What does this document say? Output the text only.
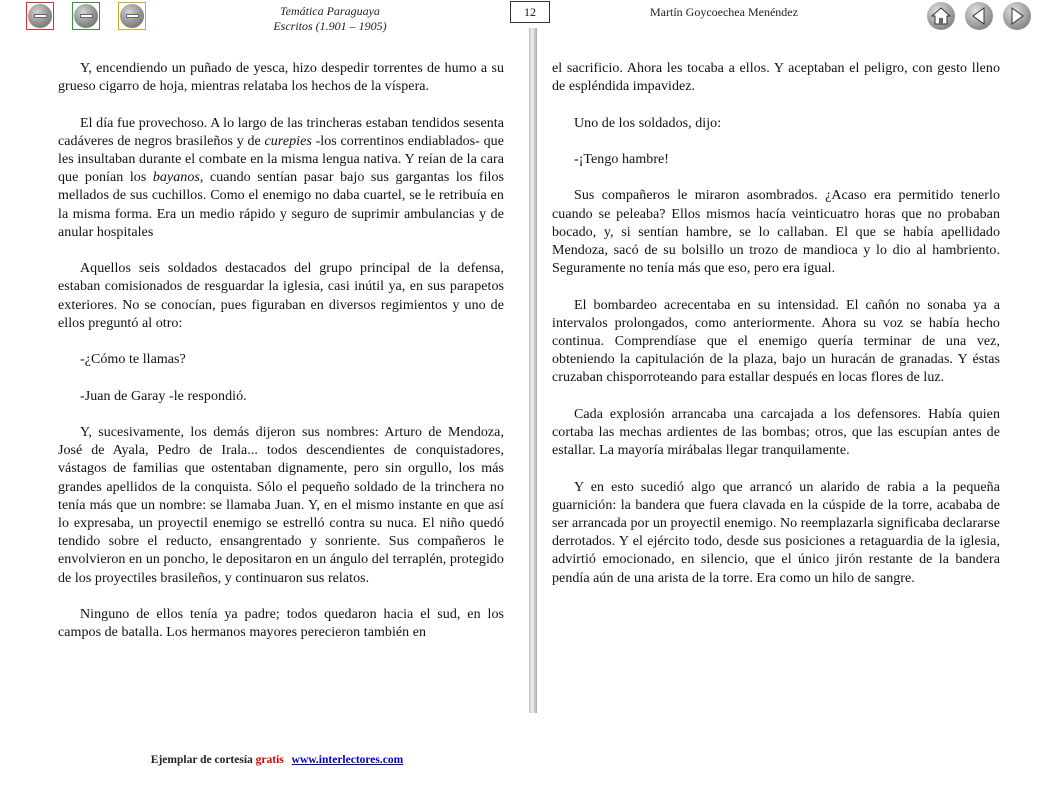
Temática Paraguaya
Escritos (1.901 – 1905)
12	Martín Goycoechea Menéndez

Y, encendiendo un puñado de yesca, hizo despedir torrentes de humo a su grueso cigarro de hoja, mientras relataba los hechos de la víspera.

El día fue provechoso. A lo largo de las trincheras estaban tendidos sesenta cadáveres de negros brasileños y de curepies -los correntinos endiablados- que les insultaban durante el combate en la misma lengua nativa. Y reían de la cara que ponían los bayanos, cuando sentían pasar bajo sus gargantas los filos mellados de sus cuchillos. Como el enemigo no daba cuartel, se le retribuía en la misma forma. Era un medio rápido y seguro de suprimir ambulancias y de anular hospitales

Aquellos seis soldados destacados del grupo principal de la defensa, estaban comisionados de resguardar la iglesia, casi inútil ya, en sus parapetos exteriores. No se conocían, pues figuraban en diversos regimientos y uno de ellos preguntó al otro:

-¿Cómo te llamas?

-Juan de Garay -le respondió.

Y, sucesivamente, los demás dijeron sus nombres: Arturo de Mendoza, José de Ayala, Pedro de Irala... todos descendientes de conquistadores, vástagos de familias que ostentaban dignamente, pero sin orgullo, los más grandes apellidos de la conquista. Sólo el pequeño soldado de la trinchera no tenía más que un nombre: se llamaba Juan. Y, en el mismo instante en que así lo expresaba, un proyectil enemigo se estrelló contra su nuca. El niño quedó tendido sobre el reducto, ensangrentado y sonriente. Sus compañeros le envolvieron en un poncho, le depositaron en un ángulo del terraplén, protegido de los proyectiles brasileños, y continuaron sus relatos.

Ninguno de ellos tenía ya padre; todos quedaron hacia el sud, en los campos de batalla. Los hermanos mayores perecieron también en

el sacrificio. Ahora les tocaba a ellos. Y aceptaban el peligro, con gesto lleno de espléndida impavidez.

Uno de los soldados, dijo:

-¡Tengo hambre!

Sus compañeros le miraron asombrados. ¿Acaso era permitido tenerlo cuando se peleaba? Ellos mismos hacía veinticuatro horas que no probaban bocado, y, si sentían hambre, se lo callaban. El que se había apellidado Mendoza, sacó de su bolsillo un trozo de mandioca y lo dio al hambriento. Seguramente no tenía más que eso, pero era igual.

El bombardeo acrecentaba en su intensidad. El cañón no sonaba ya a intervalos prolongados, como anteriormente. Ahora su voz se había hecho continua. Comprendíase que el enemigo quería terminar de una vez, obteniendo la capitulación de la plaza, bajo un huracán de granadas. Y éstas cruzaban chisporroteando para estallar después en locas flores de luz.

Cada explosión arrancaba una carcajada a los defensores. Había quien cortaba las mechas ardientes de las bombas; otros, que las escupían antes de estallar. La mayoría mirábalas llegar tranquilamente.

Y en esto sucedió algo que arrancó un alarido de rabia a la pequeña guarnición: la bandera que fuera clavada en la cúspide de la torre, acababa de ser arrancada por un proyectil enemigo. No reemplazarla significaba declararse derrotados. Y el ejército todo, desde sus posiciones a retaguardia de la iglesia, advirtió emocionado, en silencio, que el único jirón restante de la bandera pendía aún de una arista de la torre. Era como un hilo de sangre.

Ejemplar de cortesía gratis www.interlectores.com
